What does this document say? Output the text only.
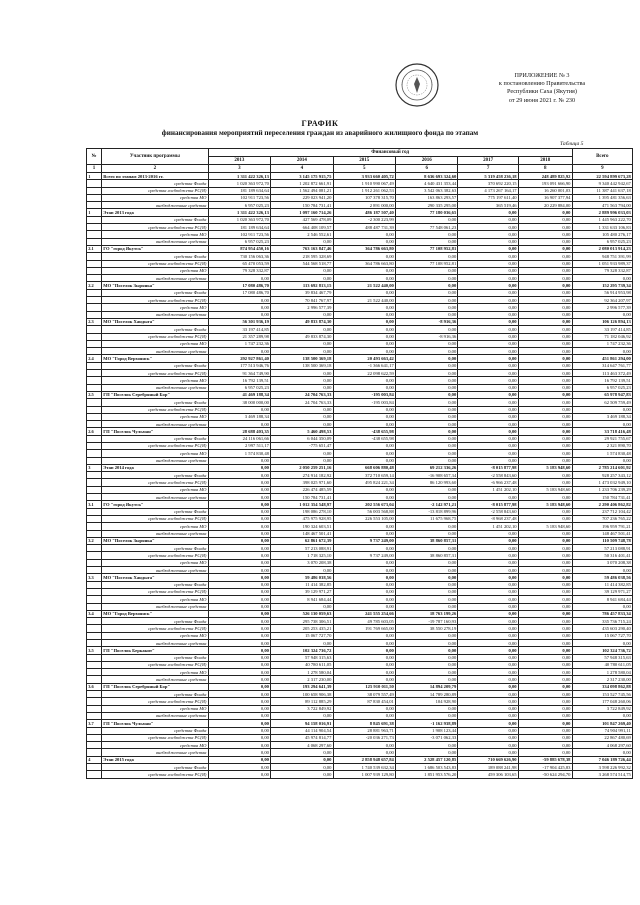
ПРИЛОЖЕНИЕ № 3
к постановлению Правительства
Республики Саха (Якутия)
от 29 июня 2021 г. № 230
ГРАФИК
финансирования мероприятий переселения граждан из аварийного жилищного фонда по этапам
Таблица 5
№	Участник программы	Финансовый год						Всего
		2013	2014	2015	2016	2017	2018	
1	2	3	4	5	6	7	8	9
1	Всего по этапам 2013-2016 гг.	1 311 422 326,13	3 145 175 915,75	3 933 660 405,72	8 636 693 324,60	5 319 458 236,18	248 489 825,92	22 594 899 673,28
	средства Фонда	1 020 363 972,70	1 202 872 661,91	1 910 990 067,49	4 640 431 353,44	370 692 220,15	193 091 666,90	9 340 442 942,67
	средства госбюджета РС(Я)	181 189 634,64	1 562 494 081,21	1 912 261 062,53	3 542 063 382,63	4 173 267 164,17	16 260 001,03	11 387 441 637,18
	средства МО	102 911 723,56	229 023 941,20	107 378 315,70	163 863 293,57	775 197 611,40	16 907 377,94	1 395 481 356,63
	внебюджетные средства	6 957 025,23	150 784 731,41	2 891 000,00	290 335 295,00	365 519,46	20 229 884,00	471 563 794,00
1	Этап 2013 года	1 311 422 326,13	1 097 160 714,26	486 187 507,40	77 180 036,65	0,00	0,00	2 889 996 033,03
	средства Фонда	1 020 363 972,70	427 569 478,09	-2 300 223,99	0,00	0,00	0,00	1 445 963 222,70
	средства госбюджета РС(Я)	181 189 634,64	664 408 109,57	488 487 731,39	77 548 061,23	0,00	0,00	1 331 633 106,83
	средства МО	102 911 723,56	2 546 552,61	0,00	0,00	0,00	0,00	105 480 276,17
	внебюджетные средства	6 957 025,23	0,00	0,00	0,00	0,00	0,00	6 957 025,23
2.1	ГО "город Якутск"	874 954 450,16	763 163 847,46	364 786 663,80	77 108 952,81	0,00	0,00	2 080 013 914,23
	средства Фонда	730 156 063,36	218 595 328,69	0,00	0,00	0,00	0,00	948 751 391,99
	средства госбюджета РС(Я)	65 470 053,59	544 568 518,77	364 786 663,80	77 108 952,81	0,00	0,00	1 051 933 989,37
	средства МО	79 328 332,87	0,00	0,00	0,00	0,00	0,00	79 328 332,87
	внебюджетные средства	0,00	0,00	0,00	0,00	0,00	0,00	0,00
2.2	МО "Поселок Зырянка"	17 080 486,70	113 692 813,15	21 522 440,00	0,00	0,00	0,00	152 295 739,34
	средства Фонда	17 080 486,70	39 834 467,79	0,00	0,00	0,00	0,00	56 914 953,98
	средства госбюджета РС(Я)	0,00	70 841 767,97	21 522 440,00	0,00	0,00	0,00	92 364 207,97
	средства МО	0,00	2 996 577,39	0,00	0,00	0,00	0,00	2 996 577,39
	внебюджетные средства	0,00	0,00	0,00	0,00	0,00	0,00	0,00
2.3	МО "Поселок Хандыга"	56 301 936,19	49 833 874,30	0,00	-8 916,36	0,00	0,00	106 126 894,13
	средства Фонда	33 197 414,85	0,00	0,00	0,00	0,00	0,00	33 197 414,85
	средства госбюджета РС(Я)	21 357 289,98	49 833 874,30	0,00	-8 916,36	0,00	0,00	71 182 046,92
	средства МО	1 747 232,36	0,00	0,00	0,00	0,00	0,00	1 747 232,36
	внебюджетные средства	0,00	0,00	0,00	0,00	0,00	0,00	0,00
2.4	МО "Город Верхоянск"	292 927 861,40	138 500 369,18	20 493 663,42	0,00	0,00	0,00	451 861 294,00
	средства Фонда	177 513 946,76	138 500 369,18	-1 366 641,17	0,00	0,00	0,00	314 647 761,77
	средства госбюджета РС(Я)	91 364 749,90	0,00	22 098 622,59	0,00	0,00	0,00	113 463 372,49
	средства МО	16 792 139,51	0,00	0,00	0,00	0,00	0,00	16 792 139,51
	внебюджетные средства	6 957 025,23	0,00	0,00	0,00	0,00	0,00	6 957 025,23
2.5	ГП "Поселок Серебряный Бор"	41 469 188,34	24 704 763,33	-195 003,84	0,00	0,00	0,00	65 978 947,83
	средства Фонда	38 000 000,00	24 704 763,33	-195 003,84	0,00	0,00	0,00	62 509 759,49
	средства госбюджета РС(Я)	0,00	0,00	0,00	0,00	0,00	0,00	0,00
	средства МО	3 469 188,34	0,00	0,00	0,00	0,00	0,00	3 469 188,34
	внебюджетные средства	0,00	0,00	0,00	0,00	0,00	0,00	0,00
2.6	ГП "Поселок Чульман"	28 688 403,35	5 460 498,53	-438 655,98	0,00	0,00	0,00	33 718 416,48
	средства Фонда	24 116 061,66	6 044 350,09	-438 655,98	0,00	0,00	0,00	29 921 755,67
	средства госбюджета РС(Я)	2 997 511,17	-775 651,47	0,00	0,00	0,00	0,00	2 321 890,70
	средства МО	1 574 830,48	0,00	0,00	0,00	0,00	0,00	1 574 830,48
	внебюджетные средства	0,00	0,00	0,00	0,00	0,00	0,00	0,00
3	Этап 2014 года	0,00	2 050 259 251,16	668 606 880,48	69 212 336,26	-8 015 877,98	5 183 948,60	2 785 214 601,92
	средства Фонда	0,00	274 914 182,92	372 710 659,14	-16 908 657,34	-2 558 843,60	0,00	928 257 343,12
	средства госбюджета РС(Я)	0,00	398 025 971,60	495 824 221,34	86 120 993,60	-6 966 237,48	0,00	1 473 032 949,10
	средства МО	0,00	226 474 485,59	0,00	0,00	1 451 202,10	5 183 948,60	1 233 706 239,29
	внебюджетные средства	0,00	150 784 731,41	0,00	0,00	0,00	0,00	150 784 731,41
3.1	ГО "город Якутск"	0,00	1 012 354 548,97	202 556 673,04	-2 142 971,21	-8 015 877,98	5 183 948,60	2 290 406 862,82
	средства Фонда	0,00	198 086 278,10	56 003 568,88	-13 818 899,96	-2 558 843,60	0,00	237 712 104,42
	средства госбюджета РС(Я)	0,00	475 975 928,95	226 553 105,00	11 675 968,75	-8 968 237,48	0,00	707 236 765,22
	средства МО	0,00	190 324 603,51	0,00	0,00	1 451 202,10	5 183 948,60	196 959 791,21
	внебюджетные средства	0,00	148 467 501,41	0,00	0,00	0,00	0,00	148 467 501,41
3.2	МО "Поселок Зырянка"	0,00	62 861 672,39	9 737 249,00	38 860 857,31	0,00	0,00	110 509 748,78
	средства Фонда	0,00	57 213 088,91	0,00	0,00	0,00	0,00	57 213 088,91
	средства госбюджета РС(Я)	0,00	1 718 325,10	9 737 249,00	38 860 857,31	0,00	0,00	50 316 401,41
	средства МО	0,00	3 070 208,38	0,00	0,00	0,00	0,00	3 070 208,38
	внебюджетные средства	0,00	0,00	0,00	0,00	0,00	0,00	0,00
3.3	МО "Поселок Хандыга"	0,00	59 486 038,56	0,00	0,00	0,00	0,00	59 486 038,56
	средства Фонда	0,00	11 414 382,85	0,00	0,00	0,00	0,00	11 414 382,85
	средства госбюджета РС(Я)	0,00	39 129 971,27	0,00	0,00	0,00	0,00	39 129 971,27
	средства МО	0,00	8 941 684,44	0,00	0,00	0,00	0,00	8 941 684,44
	внебюджетные средства	0,00	0,00	0,00	0,00	0,00	0,00	0,00
3.4	МО "Город Верхоянск"	0,00	526 130 059,63	241 555 254,66	18 763 199,26	0,00	0,00	786 457 833,34
	средства Фонда	0,00	295 738 306,51	49 785 603,05	-19 787 160,93	0,00	0,00	335 736 715,24
	средства госбюджета РС(Я)	0,00	205 253 435,21	191 769 665,00	38 550 278,19	0,00	0,00	435 603 290,40
	средства МО	0,00	15 067 727,70	0,00	0,00	0,00	0,00	15 067 727,70
	внебюджетные средства	0,00	0,00	0,00	0,00	0,00	0,00	0,00
3.5	ГП "Поселок Беркакит"	0,00	102 324 736,72	0,00	0,00	0,00	0,00	102 324 736,72
	средства Фонда	0,00	57 948 315,63	0,00	0,00	0,00	0,00	57 948 315,63
	средства госбюджета РС(Я)	0,00	40 780 611,05	0,00	0,00	0,00	0,00	40 780 611,05
	средства МО	0,00	1 278 580,04	0,00	0,00	0,00	0,00	1 278 580,04
	внебюджетные средства	0,00	2 317 230,00	0,00	0,00	0,00	0,00	2 317 230,00
3.6	ГП "Поселок Серебряный Бор"	0,00	193 294 641,39	125 910 011,50	14 894 209,79	0,00	0,00	334 098 862,88
	средства Фонда	0,00	100 658 906,38	38 079 557,49	14 789 280,89	0,00	0,00	153 527 745,56
	средства госбюджета РС(Я)	0,00	89 112 885,29	87 830 454,01	104 928,90	0,00	0,00	177 048 260,06
	средства МО	0,00	3 722 849,92	0,00	0,00	0,00	0,00	3 722 849,92
	внебюджетные средства	0,00	0,00	0,00	0,00	0,00	0,00	0,00
3.7	ГП "Поселок Чульман"	0,00	94 158 016,91	8 845 691,38	-1 162 938,89	0,00	0,00	101 847 269,40
	средства Фонда	0,00	44 114 904,54	28 881 963,71	1 908 123,44	0,00	0,00	74 904 991,11
	средства госбюджета РС(Я)	0,00	45 974 814,77	-20 036 271,73	-3 071 062,33	0,00	0,00	22 867 480,69
	средства МО	0,00	4 068 297,60	0,00	0,00	0,00	0,00	4 068 297,60
	внебюджетные средства	0,00	0,00	0,00	0,00	0,00	0,00	0,00
4	Этап 2015 года	0,00	0,00	2 858 948 657,84	2 528 457 120,85	710 669 626,90	-59 885 678,38	7 046 189 726,44
	средства Фонда	0,00	0,00	1 740 539 632,34	1 686 503 543,83	189 088 241,98	-17 904 425,83	3 598 226 992,32
	средства госбюджета РС(Я)	0,00	0,00	1 007 939 129,80	1 851 953 576,20	459 306 103,65	-50 624 294,70	3 268 574 514,75
